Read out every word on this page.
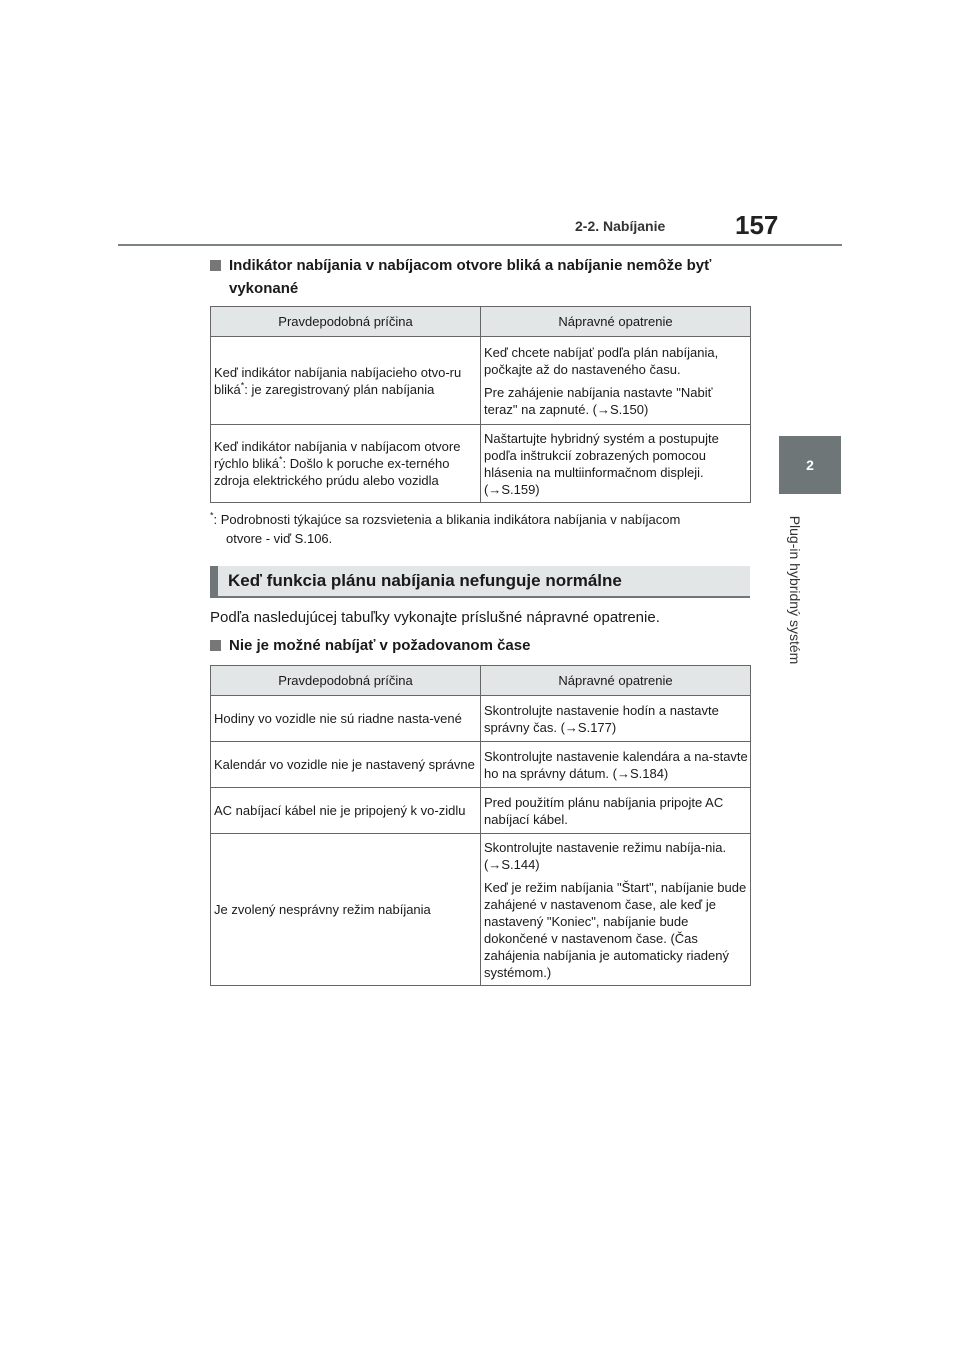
2-2. Nabíjanie	157
2
Plug-in hybridný systém
Indikátor nabíjania v nabíjacom otvore bliká a nabíjanie nemôže byť
vykonané
Pravdepodobná príčina	Nápravné opatrenie
Keď indikátor nabíjania nabíjacieho otvo-ru bliká*: je zaregistrovaný plán nabíjania	Keď chcete nabíjať podľa plán nabíjania, počkajte až do nastaveného času.

Pre zahájenie nabíjania nastavte "Nabiť teraz" na zapnuté. (→S.150)

Keď indikátor nabíjania v nabíjacom otvore rýchlo bliká*: Došlo k poruche ex-terného zdroja elektrického prúdu alebo vozidla	Naštartujte hybridný systém a postupujte podľa inštrukcií zobrazených pomocou hlásenia na multiinformačnom displeji. (→S.159)

*: Podrobnosti týkajúce sa rozsvietenia a blikania indikátora nabíjania v nabíjacom
otvore - viď S.106.
Keď funkcia plánu nabíjania nefunguje normálne
Podľa nasledujúcej tabuľky vykonajte príslušné nápravné opatrenie.
Nie je možné nabíjať v požadovanom čase
Pravdepodobná príčina	Nápravné opatrenie
Hodiny vo vozidle nie sú riadne nasta-vené	Skontrolujte nastavenie hodín a nastavte správny čas. (→S.177)

Kalendár vo vozidle nie je nastavený správne	Skontrolujte nastavenie kalendára a na-stavte ho na správny dátum. (→S.184)

AC nabíjací kábel nie je pripojený k vo-zidlu	Pred použitím plánu nabíjania pripojte AC nabíjací kábel.

Je zvolený nesprávny režim nabíjania	Skontrolujte nastavenie režimu nabíja-nia. (→S.144)

Keď je režim nabíjania "Štart", nabíjanie bude zahájené v nastavenom čase, ale keď je nastavený "Koniec", nabíjanie bude dokončené v nastavenom čase. (Čas zahájenia nabíjania je automaticky riadený systémom.)
